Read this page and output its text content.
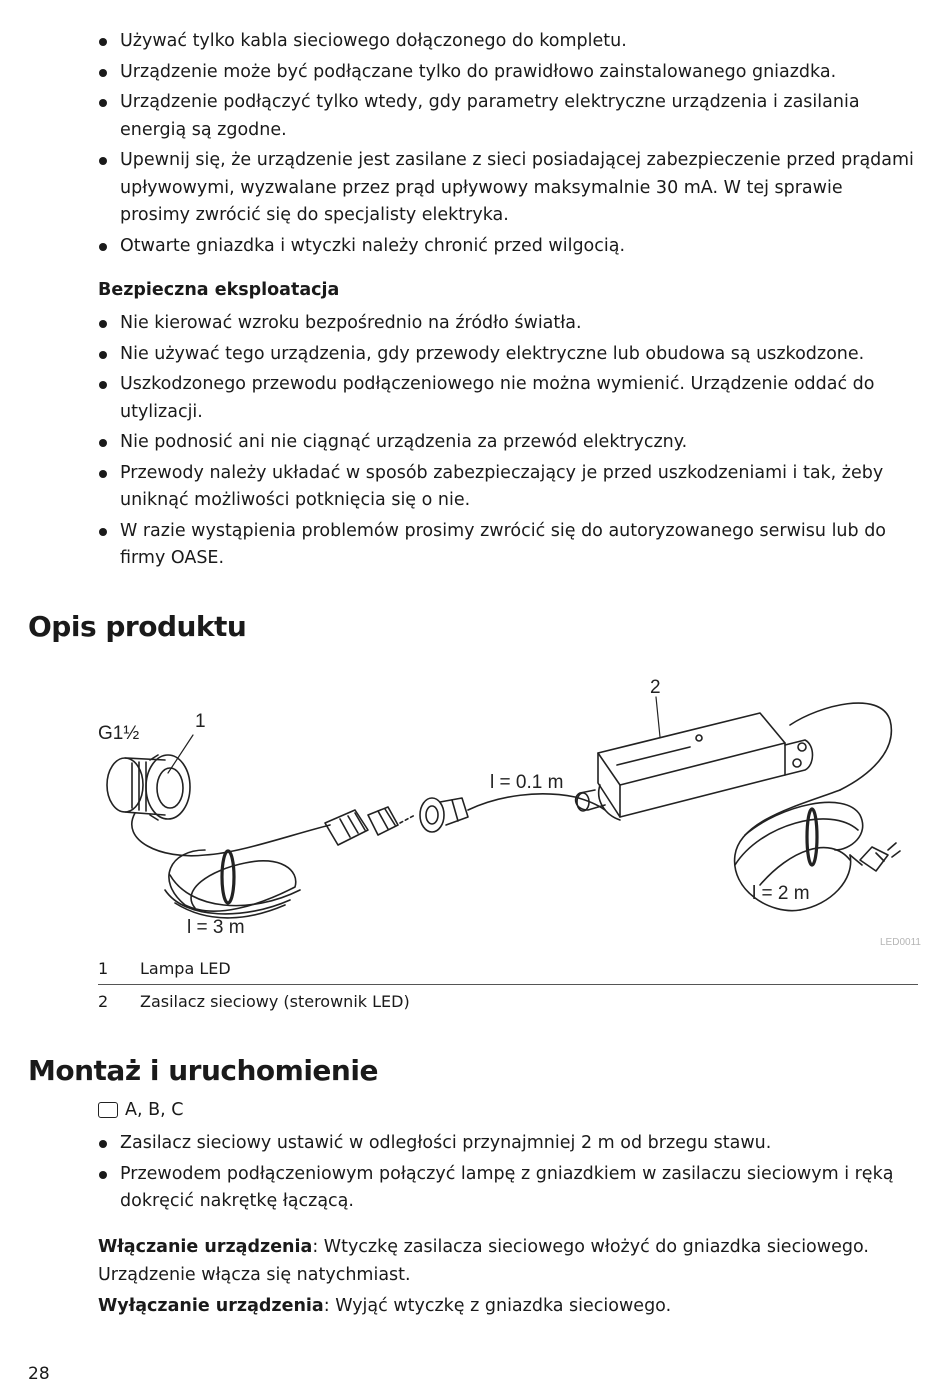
Używać tylko kabla sieciowego dołączonego do kompletu.
Urządzenie może być podłączane tylko do prawidłowo zainstalowanego gniazdka.
Urządzenie podłączyć tylko wtedy, gdy parametry elektryczne urządzenia i zasilania energią są zgodne.
Upewnij się, że urządzenie jest zasilane z sieci posiadającej zabezpieczenie przed prądami upływowymi, wyzwalane przez prąd upływowy maksymalnie 30 mA. W tej sprawie prosimy zwrócić się do specjalisty elektryka.
Otwarte gniazdka i wtyczki należy chronić przed wilgocią.
Bezpieczna eksploatacja
Nie kierować wzroku bezpośrednio na źródło światła.
Nie używać tego urządzenia, gdy przewody elektryczne lub obudowa są uszkodzone.
Uszkodzonego przewodu podłączeniowego nie można wymienić. Urządzenie oddać do utylizacji.
Nie podnosić ani nie ciągnąć urządzenia za przewód elektryczny.
Przewody należy układać w sposób zabezpieczający je przed uszkodzeniami i tak, żeby uniknąć możliwości potknięcia się o nie.
W razie wystąpienia problemów prosimy zwrócić się do autoryzowanego serwisu lub do firmy OASE.
Opis produktu
G1½
1
2
l = 0.1 m
l = 3 m
l = 2 m
LED0011
1	Lampa LED
2	Zasilacz sieciowy (sterownik LED)
Montaż i uruchomienie
A, B, C
Zasilacz sieciowy ustawić w odległości przynajmniej 2 m od brzegu stawu.
Przewodem podłączeniowym połączyć lampę z gniazdkiem w zasilaczu sieciowym i ręką dokręcić nakrętkę łączącą.
Włączanie urządzenia: Wtyczkę zasilacza sieciowego włożyć do gniazdka sieciowego. Urządzenie włącza się natychmiast.
Wyłączanie urządzenia: Wyjąć wtyczkę z gniazdka sieciowego.
28
